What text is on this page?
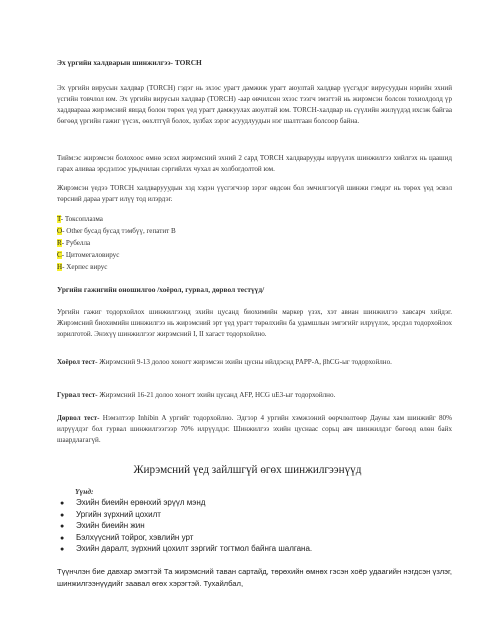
Эх үргийн халдварын шинжилгээ- TORCH

Эх үргийн вирусын халдвар (TORCH) гэдэг нь эхээс урагт дамжиж урагт аюултай халдвар үүсгэдэг вирусуудын нэрийн эхний үсгийн товчлол юм. Эх үргийн вирусын халдвар (TORCH) -аар өвчилсөн эхээс тээгч эмэгтэй нь жирэмсэн болсон тохиолдолд үр хаддварааа жирэмсний явцад болон төрөх үед урагт дамжуулах аюултай юм. TORCH-халдвар нь сүүлийн жилүүдэд ихсэж байгаа бөгөөд үргийн гажиг үүсэх, өөхлтгүй болох, зулбах зэрэг асуудлуудын нэг шалтгаан болсоор байна.

Тийм:эс жирэмсэн болохоос өмнө эсвэл жирэмсний эхний 2 сард TORCH халдварууды илрүүлэх шинжилгээ хийлгэх нь цаашид гарах аливаа эрсдэлээс урьдчилан сэргийлэх чухал ач холбогдолтой юм.

Жирэмсэн үедээ TORCH халдварууудын хэд хэдэн үүсгэгчээр зэрэг өвдсөн бол эмчилгээгүй шинжи гэмдэг нь төрөх үед эсвэл төрсний дараа урагт илүү тод илэрдэг.

T- Токсоплазма
O- Other бусад бусад тэмбүү, гепатит B
R- Рубелла
C- Цитомегаловирус
H- Херпес вирус
Ургийн гажигийн оношилгоо /хоёрол, гурвал, дөрвол тестүүд/

Ургийн гажиг тодорхойлох шинжилгээнд эхийн цусанд биохимийн маркер үзэх, хэт авиан шинжилгээ хавсарч хийдэг. Жирэмсний биохимийн шинжилгээ нь жирэмсний эрт үед урагт төрөлхийн ба удамшлын эмгэгийг илрүүлэх, эрсдэл тодорхойлох зорилготой. Энэхүү шинжилгээг жирэмсний I, II хагаст тодорхойлно.

Хоёрол тест- Жирэмсний 9-13 долоо хоногт жирэмсэн эхийн цусны ийлдэснд PAPP-A, βhCG-ыг тодорхойлно.

Гурвал тест- Жирэмсний 16-21 долоо хоногт эхийн цусанд AFP, HCG uE3-ыг тодорхойлно.

Дөрвол тест- Нэмэлтээр Inhibin A ургийг тодорхойлно. Эдгээр 4 ургийн хэмжээний өөрчлөлтөөр Дауны хам шинжийг 80% илрүүлдэг бол гурвал шинжилгээгээр 70% илрүүлдэг. Шинжилгээ эхийн цуснаас сорьц авч шинжилдэг бөгөөд өлөн байх шаардлагагүй.

Жирэмсний үед зайлшгүй өгөх шинжилгээнүүд
Үүнд:
● Эхийн биеийн ерөнхий эрүүл мэнд
● Ургийн зүрхний цохилт
● Эхийн биеийн жин
● Бэлхүүсний тойрог, хэвлийн урт
● Эхийн даралт, зүрхний цохилт зэргийг тогтмол байнга шалгана.

Түүнчлэн биe давхар эмэгтэй Та жирэмсний таван сартайд, төрөхийн өмнөх гэсэн хоёр удаагийн нэгдсэн үзлэг, шинжилгээнүүдийг заавал өгөх хэрэгтэй. Тухайлбал,
